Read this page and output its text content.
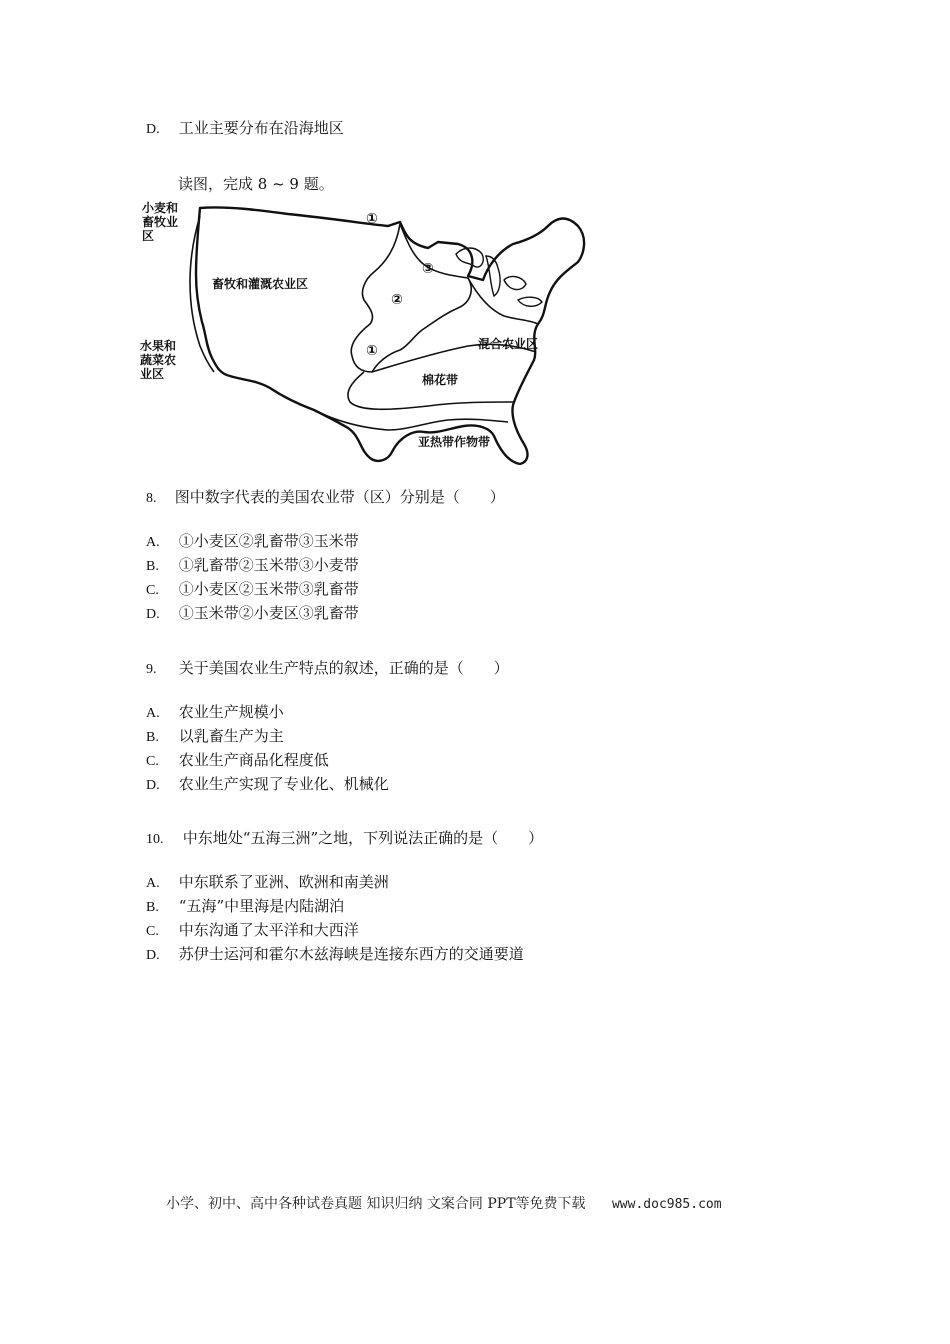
D. 工业主要分布在沿海地区
读图，完成 8 ~ 9 题。
小麦和
畜牧业
区
畜牧和灌溉农业区
水果和
蔬菜农
业区
混合农业区
棉花带
亚热带作物带
①
②
③
①
8. 图中数字代表的美国农业带（区）分别是（　　）
A. ①小麦区②乳畜带③玉米带
B. ①乳畜带②玉米带③小麦带
C. ①小麦区②玉米带③乳畜带
D. ①玉米带②小麦区③乳畜带
9. 关于美国农业生产特点的叙述，正确的是（　　）
A. 农业生产规模小
B. 以乳畜生产为主
C. 农业生产商品化程度低
D. 农业生产实现了专业化、机械化
10. 中东地处“五海三洲”之地，下列说法正确的是（　　）
A. 中东联系了亚洲、欧洲和南美洲
B. “五海”中里海是内陆湖泊
C. 中东沟通了太平洋和大西洋
D. 苏伊士运河和霍尔木兹海峡是连接东西方的交通要道
小学、初中、高中各种试卷真题 知识归纳 文案合同 PPT等免费下载 www.doc985.com
